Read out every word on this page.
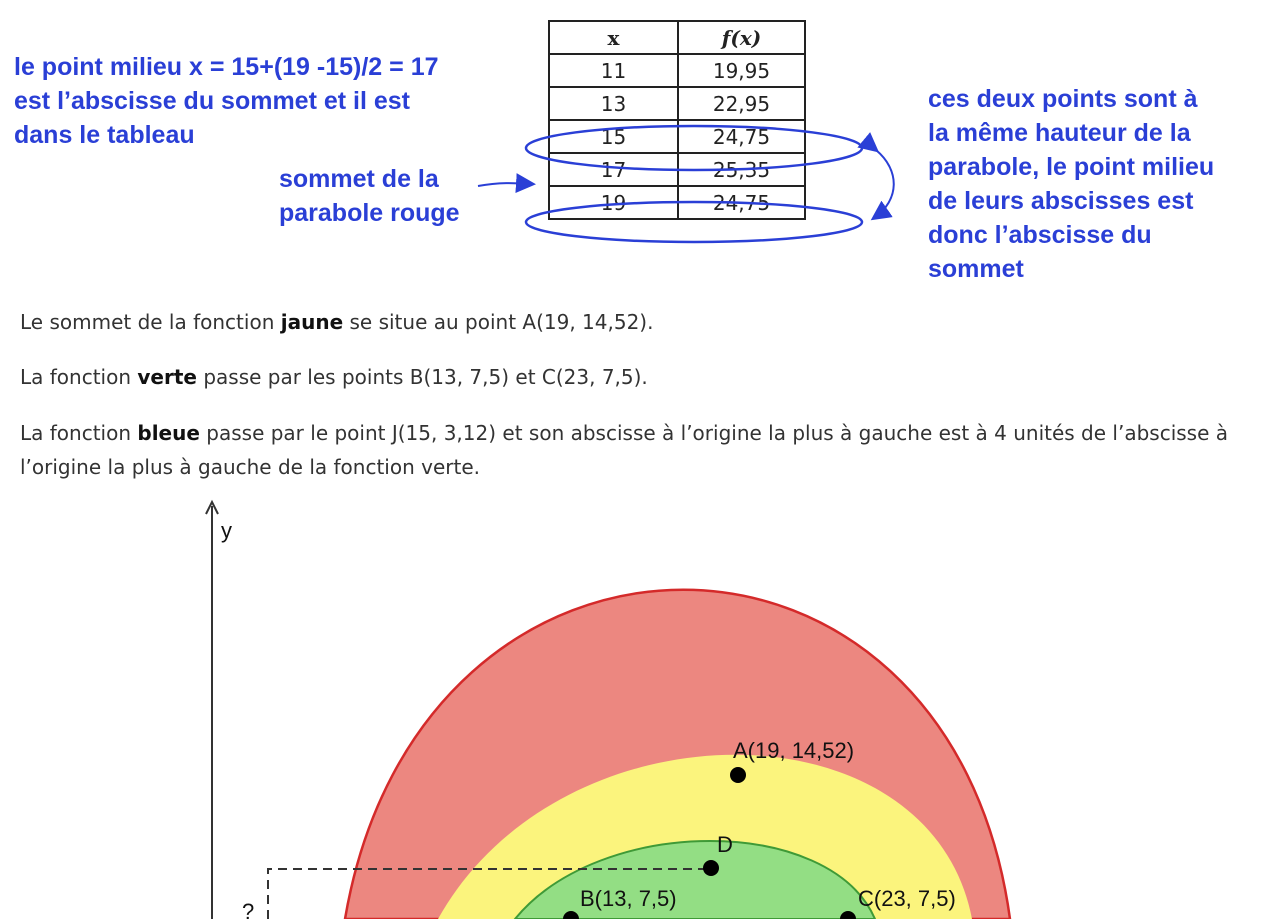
le point milieu x = 15+(19 -15)/2 = 17
est l’abscisse du sommet et il est
dans le tableau
sommet de la
parabole rouge
ces deux points sont à
la même hauteur de la
parabole, le point milieu
de leurs abscisses est
donc l’abscisse du
sommet
x	f(x)
11	19,95
13	22,95
15	24,75
17	25,35
19	24,75
Le sommet de la fonction jaune se situe au point A(19, 14,52).
La fonction verte passe par les points B(13, 7,5) et C(23, 7,5).
La fonction bleue passe par le point J(15, 3,12) et son abscisse à l’origine la plus à gauche est à 4 unités de l’abscisse à l’origine la plus à gauche de la fonction verte.
y
?
A(19, 14,52)
D
B(13, 7,5)	C(23, 7,5)
